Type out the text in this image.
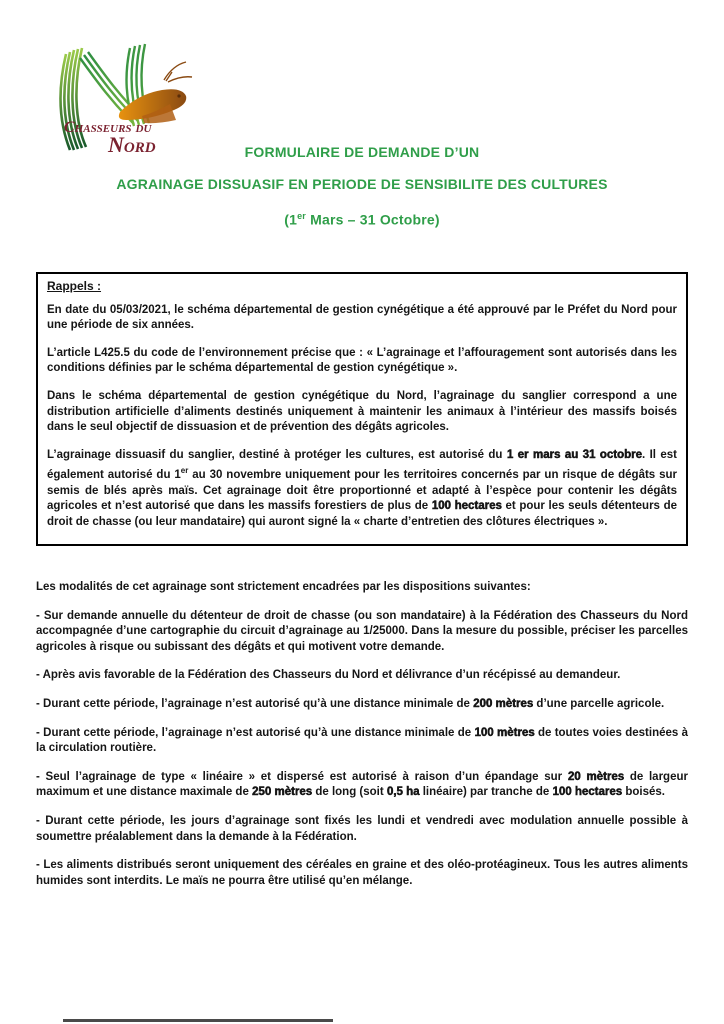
Chasseurs du
Nord	FORMULAIRE DE DEMANDE D’UN
AGRAINAGE DISSUASIF EN PERIODE DE SENSIBILITE DES CULTURES
(1er Mars – 31 Octobre)
Rappels :

En date du 05/03/2021, le schéma départemental de gestion cynégétique a été approuvé par le Préfet du Nord pour une période de six années.

L’article L425.5 du code de l’environnement précise que : « L’agrainage et l’affouragement sont autorisés dans les conditions définies par le schéma départemental de gestion cynégétique ».

Dans le schéma départemental de gestion cynégétique du Nord, l’agrainage du sanglier correspond a une distribution artificielle d’aliments destinés uniquement à maintenir les animaux à l’intérieur des massifs boisés dans le seul objectif de dissuasion et de prévention des dégâts agricoles.

L’agrainage dissuasif du sanglier, destiné à protéger les cultures, est autorisé du 1 er mars au 31 octobre. Il est également autorisé du 1er au 30 novembre uniquement pour les territoires concernés par un risque de dégâts sur semis de blés après maïs. Cet agrainage doit être proportionné et adapté à l’espèce pour contenir les dégâts agricoles et n’est autorisé que dans les massifs forestiers de plus de 100 hectares et pour les seuls détenteurs de droit de chasse (ou leur mandataire) qui auront signé la « charte d’entretien des clôtures électriques ».

Les modalités de cet agrainage sont strictement encadrées par les dispositions suivantes:

- Sur demande annuelle du détenteur de droit de chasse (ou son mandataire) à la Fédération des Chasseurs du Nord accompagnée d’une cartographie du circuit d’agrainage au 1/25000. Dans la mesure du possible, préciser les parcelles agricoles à risque ou subissant des dégâts et qui motivent votre demande.

- Après avis favorable de la Fédération des Chasseurs du Nord et délivrance d’un récépissé au demandeur.

- Durant cette période, l’agrainage n’est autorisé qu’à une distance minimale de 200 mètres d’une parcelle agricole.

- Durant cette période, l’agrainage n’est autorisé qu’à une distance minimale de 100 mètres de toutes voies destinées à la circulation routière.

- Seul l’agrainage de type « linéaire » et dispersé est autorisé à raison d’un épandage sur 20 mètres de largeur maximum et une distance maximale de 250 mètres de long (soit 0,5 ha linéaire) par tranche de 100 hectares boisés.

- Durant cette période, les jours d’agrainage sont fixés les lundi et vendredi avec modulation annuelle possible à soumettre préalablement dans la demande à la Fédération.

- Les aliments distribués seront uniquement des céréales en graine et des oléo-protéagineux. Tous les autres aliments humides sont interdits. Le maïs ne pourra être utilisé qu’en mélange.
